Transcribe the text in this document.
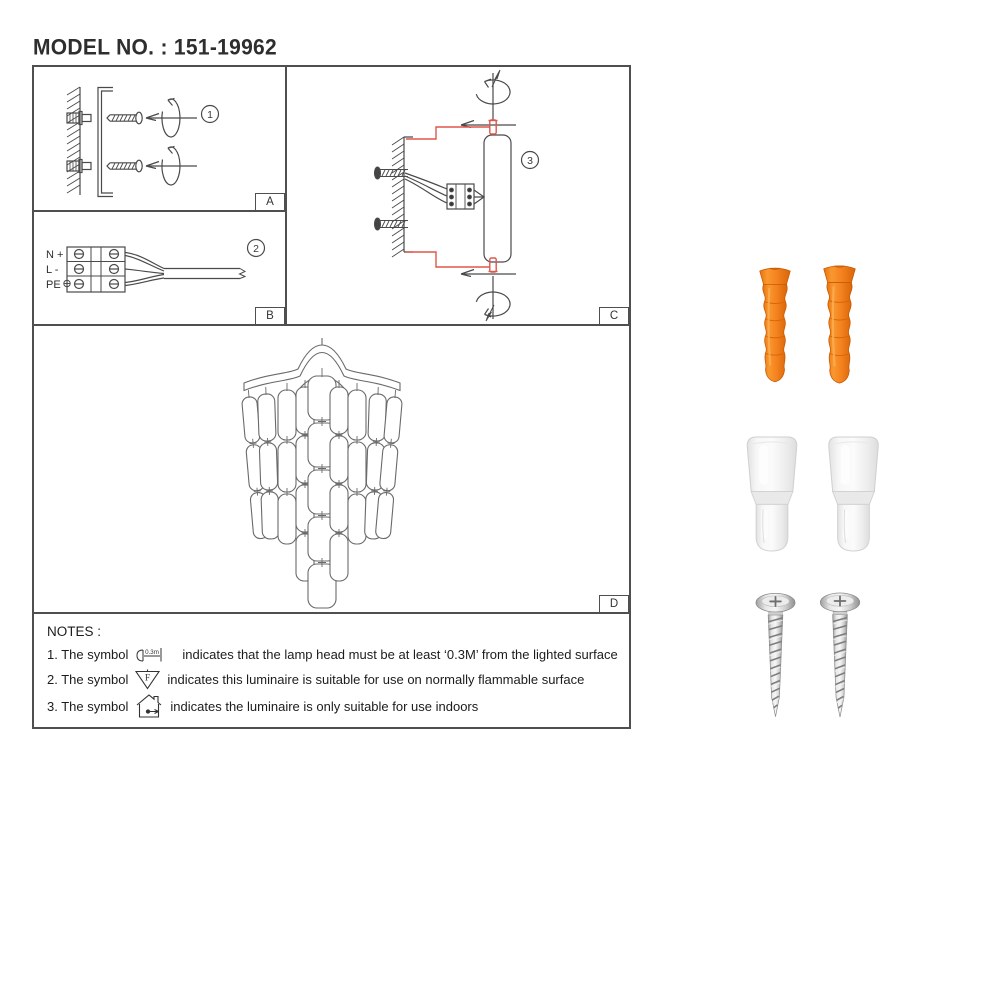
MODEL NO. : 151-19962
1
N +
L -
PE
2
3
A
B	C
D
NOTES :
1. The symbol	0.3m indicates that the lamp head must be at least ‘0.3M’ from the lighted surface
2. The symbol F indicates this luminaire is suitable for use on normally flammable surface
3. The symbol	indicates the luminaire is only suitable for use indoors
